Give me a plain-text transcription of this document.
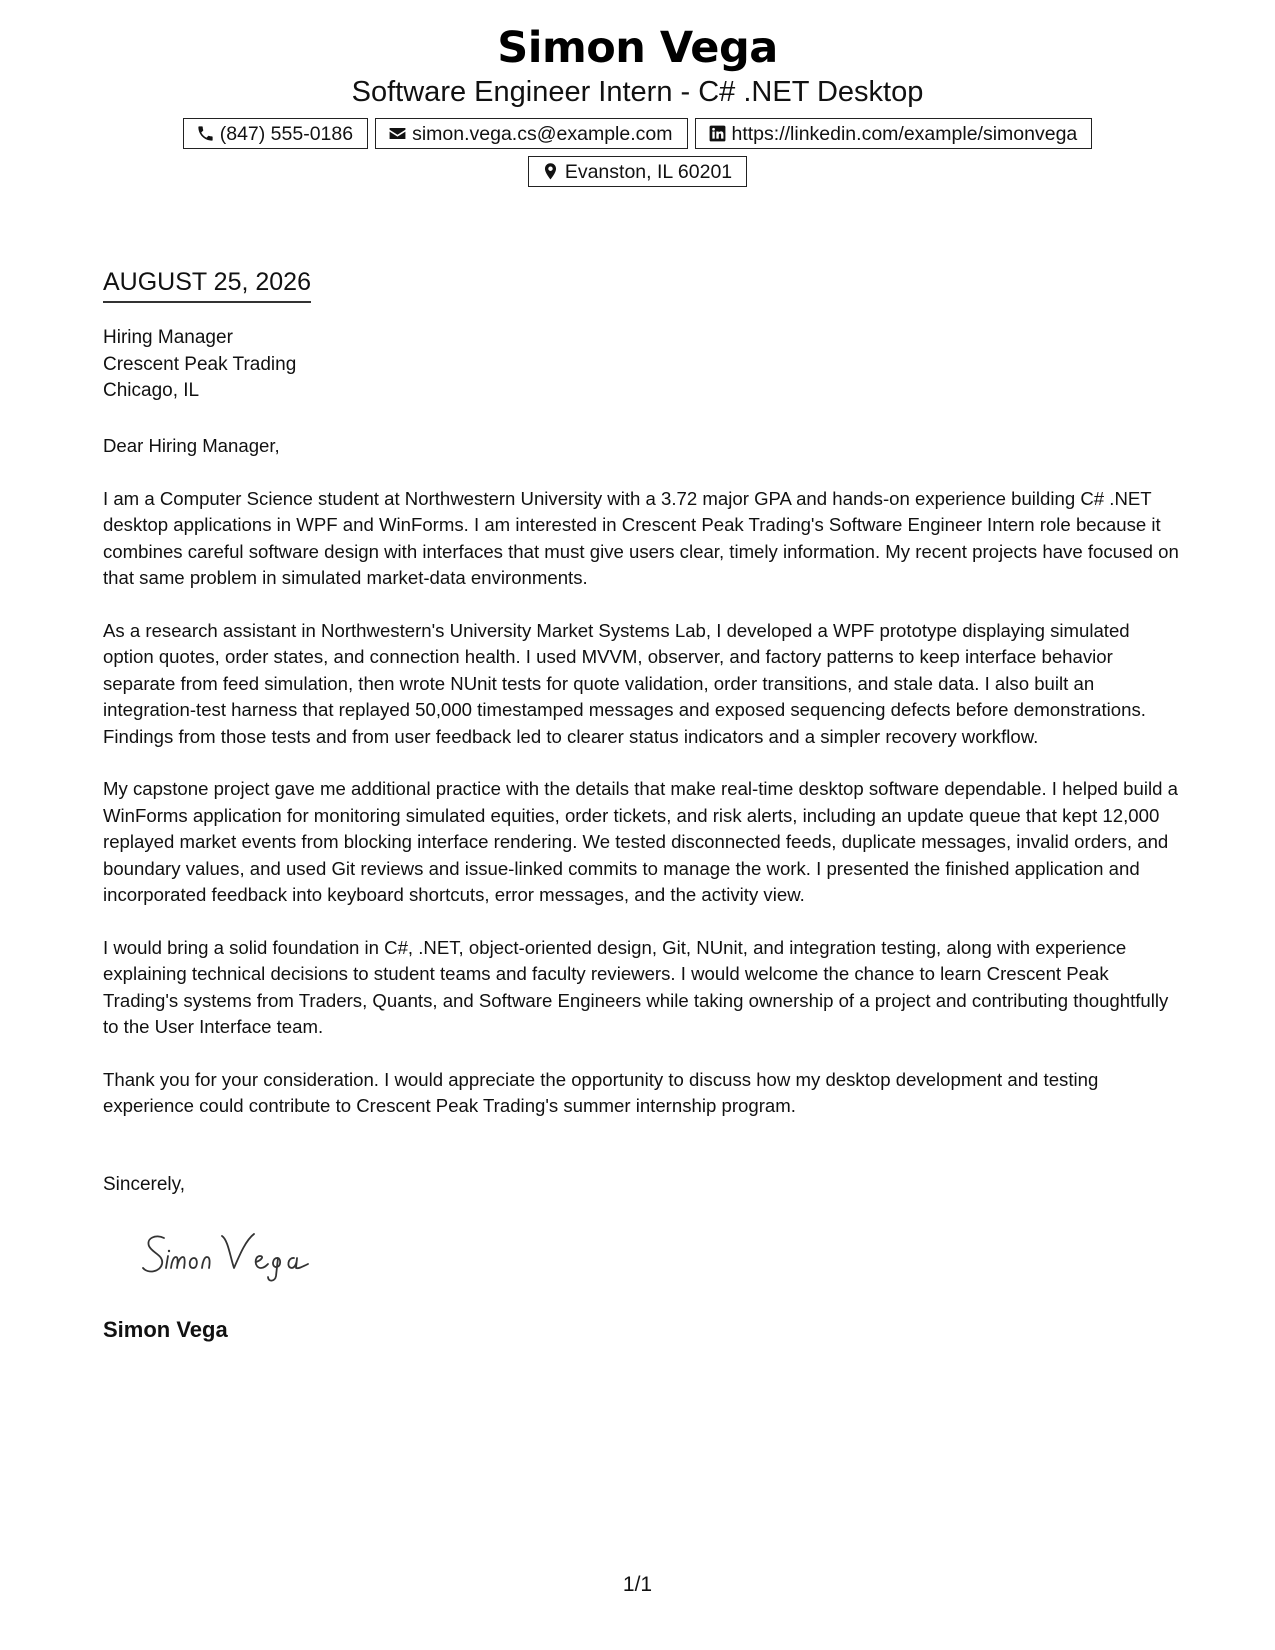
Simon Vega
Software Engineer Intern - C# .NET Desktop
(847) 555-0186	simon.vega.cs@example.com	https://linkedin.com/example/simonvega
Evanston, IL 60201
AUGUST 25, 2026
Hiring Manager
Crescent Peak Trading
Chicago, IL

Dear Hiring Manager,

I am a Computer Science student at Northwestern University with a 3.72 major GPA and hands-on experience building C# .NET desktop applications in WPF and WinForms. I am interested in Crescent Peak Trading's Software Engineer Intern role because it combines careful software design with interfaces that must give users clear, timely information. My recent projects have focused on that same problem in simulated market-data environments.

As a research assistant in Northwestern's University Market Systems Lab, I developed a WPF prototype displaying simulated option quotes, order states, and connection health. I used MVVM, observer, and factory patterns to keep interface behavior separate from feed simulation, then wrote NUnit tests for quote validation, order transitions, and stale data. I also built an integration-test harness that replayed 50,000 timestamped messages and exposed sequencing defects before demonstrations. Findings from those tests and from user feedback led to clearer status indicators and a simpler recovery workflow.

My capstone project gave me additional practice with the details that make real-time desktop software dependable. I helped build a WinForms application for monitoring simulated equities, order tickets, and risk alerts, including an update queue that kept 12,000 replayed market events from blocking interface rendering. We tested disconnected feeds, duplicate messages, invalid orders, and boundary values, and used Git reviews and issue-linked commits to manage the work. I presented the finished application and incorporated feedback into keyboard shortcuts, error messages, and the activity view.

I would bring a solid foundation in C#, .NET, object-oriented design, Git, NUnit, and integration testing, along with experience explaining technical decisions to student teams and faculty reviewers. I would welcome the chance to learn Crescent Peak Trading's systems from Traders, Quants, and Software Engineers while taking ownership of a project and contributing thoughtfully to the User Interface team.

Thank you for your consideration. I would appreciate the opportunity to discuss how my desktop development and testing experience could contribute to Crescent Peak Trading's summer internship program.

Sincerely,
Simon Vega
1/1
